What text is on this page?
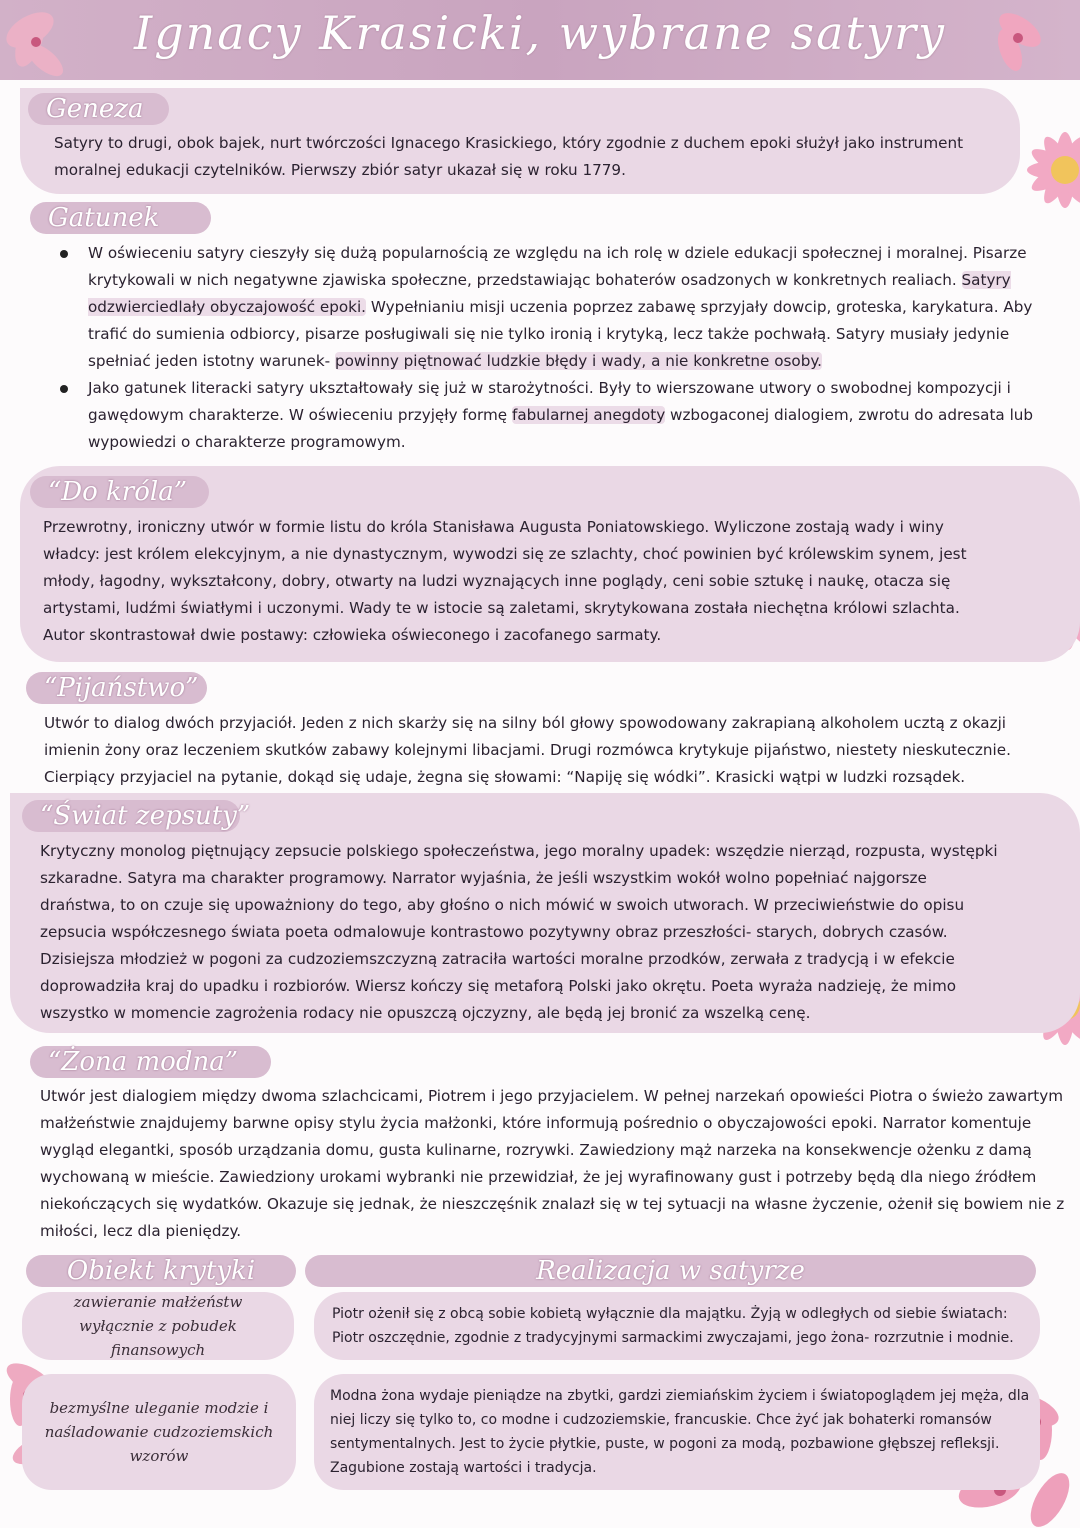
Ignacy Krasicki, wybrane satyry
Geneza
Satyry to drugi, obok bajek, nurt twórczości Ignacego Krasickiego, który zgodnie z duchem epoki służył jako instrument moralnej edukacji czytelników. Pierwszy zbiór satyr ukazał się w roku 1779.
Gatunek
W oświeceniu satyry cieszyły się dużą popularnością ze względu na ich rolę w dziele edukacji społecznej i moralnej. Pisarze krytykowali w nich negatywne zjawiska społeczne, przedstawiając bohaterów osadzonych w konkretnych realiach. Satyry odzwierciedlały obyczajowość epoki. Wypełnianiu misji uczenia poprzez zabawę sprzyjały dowcip, groteska, karykatura. Aby trafić do sumienia odbiorcy, pisarze posługiwali się nie tylko ironią i krytyką, lecz także pochwałą. Satyry musiały jedynie spełniać jeden istotny warunek- powinny piętnować ludzkie błędy i wady, a nie konkretne osoby.
Jako gatunek literacki satyry ukształtowały się już w starożytności. Były to wierszowane utwory o swobodnej kompozycji i gawędowym charakterze. W oświeceniu przyjęły formę fabularnej anegdoty wzbogaconej dialogiem, zwrotu do adresata lub wypowiedzi o charakterze programowym.
“Do króla”
Przewrotny, ironiczny utwór w formie listu do króla Stanisława Augusta Poniatowskiego. Wyliczone zostają wady i winy władcy: jest królem elekcyjnym, a nie dynastycznym, wywodzi się ze szlachty, choć powinien być królewskim synem, jest młody, łagodny, wykształcony, dobry, otwarty na ludzi wyznających inne poglądy, ceni sobie sztukę i naukę, otacza się artystami, ludźmi światłymi i uczonymi. Wady te w istocie są zaletami, skrytykowana została niechętna królowi szlachta. Autor skontrastował dwie postawy: człowieka oświeconego i zacofanego sarmaty.
“Pijaństwo”
Utwór to dialog dwóch przyjaciół. Jeden z nich skarży się na silny ból głowy spowodowany zakrapianą alkoholem ucztą z okazji imienin żony oraz leczeniem skutków zabawy kolejnymi libacjami. Drugi rozmówca krytykuje pijaństwo, niestety nieskutecznie. Cierpiący przyjaciel na pytanie, dokąd się udaje, żegna się słowami: “Napiję się wódki”. Krasicki wątpi w ludzki rozsądek.
“Świat zepsuty”
Krytyczny monolog piętnujący zepsucie polskiego społeczeństwa, jego moralny upadek: wszędzie nierząd, rozpusta, występki szkaradne. Satyra ma charakter programowy. Narrator wyjaśnia, że jeśli wszystkim wokół wolno popełniać najgorsze draństwa, to on czuje się upoważniony do tego, aby głośno o nich mówić w swoich utworach. W przeciwieństwie do opisu zepsucia współczesnego świata poeta odmalowuje kontrastowo pozytywny obraz przeszłości- starych, dobrych czasów. Dzisiejsza młodzież w pogoni za cudzoziemszczyzną zatraciła wartości moralne przodków, zerwała z tradycją i w efekcie doprowadziła kraj do upadku i rozbiorów. Wiersz kończy się metaforą Polski jako okrętu. Poeta wyraża nadzieję, że mimo wszystko w momencie zagrożenia rodacy nie opuszczą ojczyzny, ale będą jej bronić za wszelką cenę.
“Żona modna”
Utwór jest dialogiem między dwoma szlachcicami, Piotrem i jego przyjacielem. W pełnej narzekań opowieści Piotra o świeżo zawartym małżeństwie znajdujemy barwne opisy stylu życia małżonki, które informują pośrednio o obyczajowości epoki. Narrator komentuje wygląd elegantki, sposób urządzania domu, gusta kulinarne, rozrywki. Zawiedziony mąż narzeka na konsekwencje ożenku z damą wychowaną w mieście. Zawiedziony urokami wybranki nie przewidział, że jej wyrafinowany gust i potrzeby będą dla niego źródłem niekończących się wydatków. Okazuje się jednak, że nieszczęśnik znalazł się w tej sytuacji na własne życzenie, ożenił się bowiem nie z miłości, lecz dla pieniędzy.
Obiekt krytyki	Realizacja w satyrze
zawieranie małżeństw wyłącznie z pobudek finansowych
Piotr ożenił się z obcą sobie kobietą wyłącznie dla majątku. Żyją w odległych od siebie światach: Piotr oszczędnie, zgodnie z tradycyjnymi sarmackimi zwyczajami, jego żona- rozrzutnie i modnie.
bezmyślne uleganie modzie i naśladowanie cudzoziemskich wzorów
Modna żona wydaje pieniądze na zbytki, gardzi ziemiańskim życiem i światopoglądem jej męża, dla niej liczy się tylko to, co modne i cudzoziemskie, francuskie. Chce żyć jak bohaterki romansów sentymentalnych. Jest to życie płytkie, puste, w pogoni za modą, pozbawione głębszej refleksji. Zagubione zostają wartości i tradycja.
